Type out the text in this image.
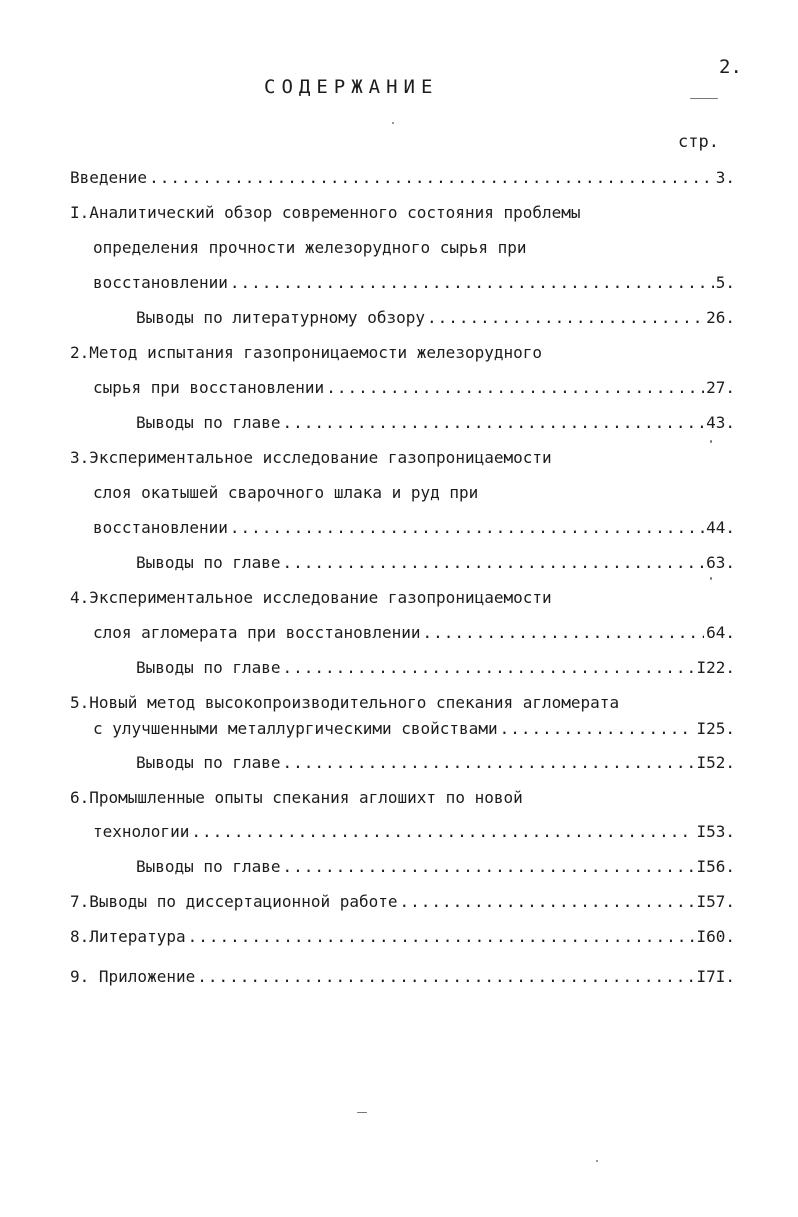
2.
СОДЕРЖАНИЕ
стр.
Введение .....	3.
I.Аналитический обзор современного состояния проблемы
определения прочности железорудного сырья при
восстановлении .....	5.
Выводы по литературному обзору .....	26.
2.Метод испытания газопроницаемости железорудного
сырья при восстановлении .....	27.
Выводы по главе .....	43.
3.Экспериментальное исследование газопроницаемости
слоя окатышей сварочного шлака и руд при
восстановлении .....	44.
Выводы по главе .....	63.
4.Экспериментальное исследование газопроницаемости
слоя агломерата при восстановлении .....	64.
Выводы по главе .....	I22.
5.Новый метод высокопроизводительного спекания агломерата
с улучшенными металлургическими свойствами .....	I25.
Выводы по главе .....	I52.
6.Промышленные опыты спекания аглошихт по новой
технологии .....	I53.
Выводы по главе .....	I56.
7.Выводы по диссертационной работе .....	I57.
8.Литература .....	I60.
9. Приложение .....	I7I.
